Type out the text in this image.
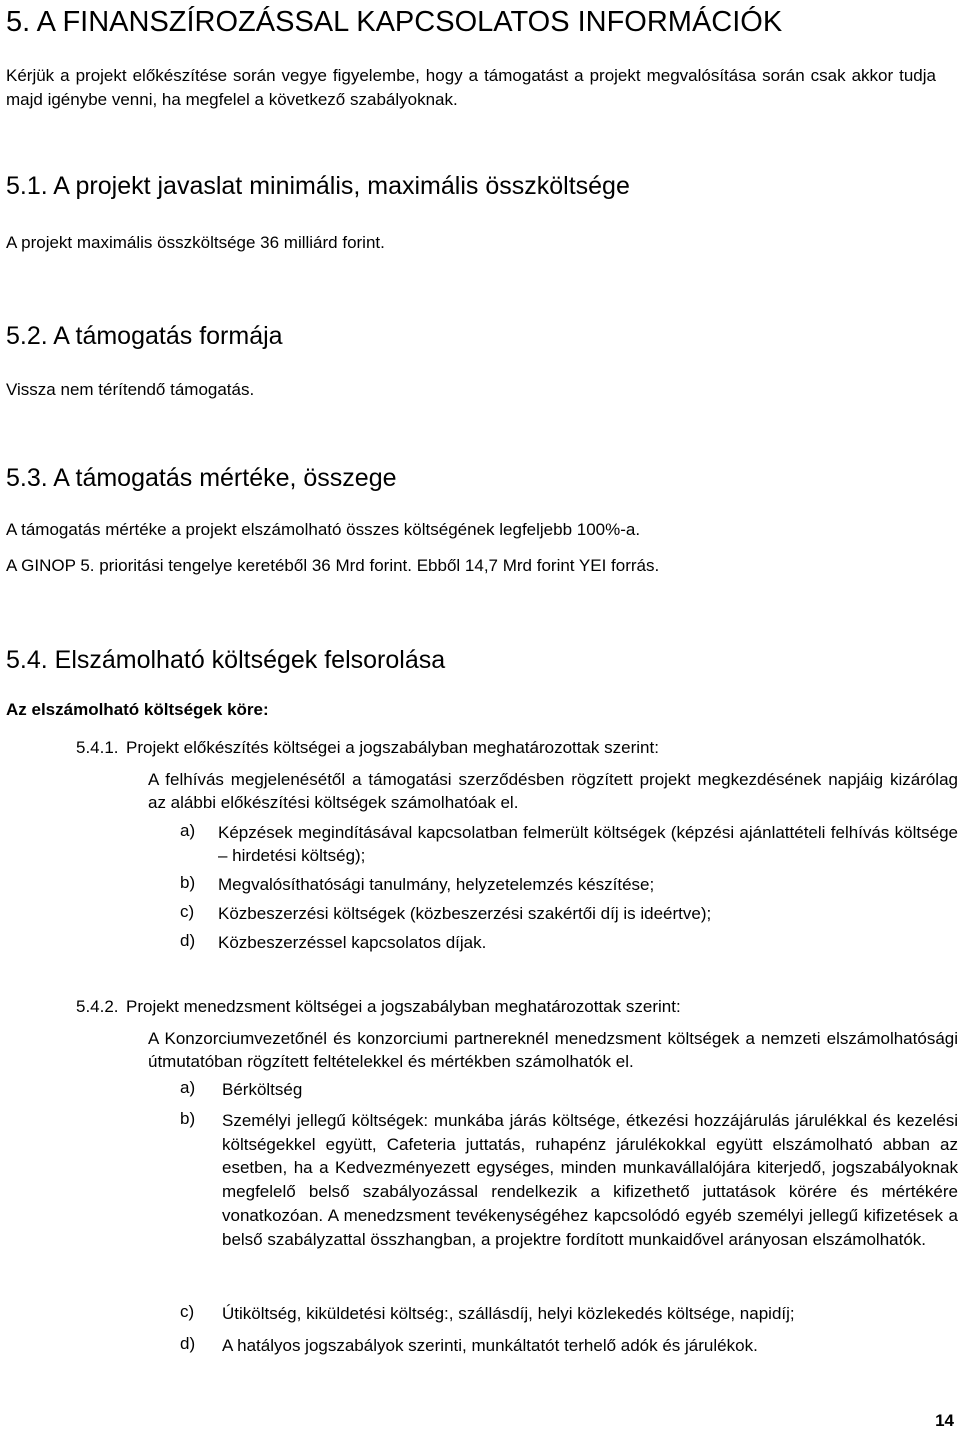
5. A FINANSZÍROZÁSSAL KAPCSOLATOS INFORMÁCIÓK
Kérjük a projekt előkészítése során vegye figyelembe, hogy a támogatást a projekt megvalósítása során csak akkor tudja majd igénybe venni, ha megfelel a következő szabályoknak.
5.1. A projekt javaslat minimális, maximális összköltsége
A projekt maximális összköltsége 36 milliárd forint.
5.2. A támogatás formája
Vissza nem térítendő támogatás.
5.3. A támogatás mértéke, összege
A támogatás mértéke a projekt elszámolható összes költségének legfeljebb 100%-a.
A GINOP 5. prioritási tengelye keretéből 36 Mrd forint. Ebből 14,7 Mrd forint YEI forrás.
5.4. Elszámolható költségek felsorolása
Az elszámolható költségek köre:
5.4.1. Projekt előkészítés költségei a jogszabályban meghatározottak szerint:
A felhívás megjelenésétől a támogatási szerződésben rögzített projekt megkezdésének napjáig kizárólag az alábbi előkészítési költségek számolhatóak el.
a) Képzések megindításával kapcsolatban felmerült költségek (képzési ajánlattételi felhívás költsége – hirdetési költség);
b) Megvalósíthatósági tanulmány, helyzetelemzés készítése;
c) Közbeszerzési költségek (közbeszerzési szakértői díj is ideértve);
d) Közbeszerzéssel kapcsolatos díjak.
5.4.2. Projekt menedzsment költségei a jogszabályban meghatározottak szerint:
A Konzorciumvezetőnél és konzorciumi partnereknél menedzsment költségek a nemzeti elszámolhatósági útmutatóban rögzített feltételekkel és mértékben számolhatók el.
a) Bérköltség
b) Személyi jellegű költségek: munkába járás költsége, étkezési hozzájárulás járulékkal és kezelési költségekkel együtt, Cafeteria juttatás, ruhapénz járulékokkal együtt elszámolható abban az esetben, ha a Kedvezményezett egységes, minden munkavállalójára kiterjedő, jogszabályoknak megfelelő belső szabályozással rendelkezik a kifizethető juttatások körére és mértékére vonatkozóan. A menedzsment tevékenységéhez kapcsolódó egyéb személyi jellegű kifizetések a belső szabályzattal összhangban, a projektre fordított munkaidővel arányosan elszámolhatók.
c) Útiköltség, kiküldetési költség:, szállásdíj, helyi közlekedés költsége, napidíj;
d) A hatályos jogszabályok szerinti, munkáltatót terhelő adók és járulékok.
14
